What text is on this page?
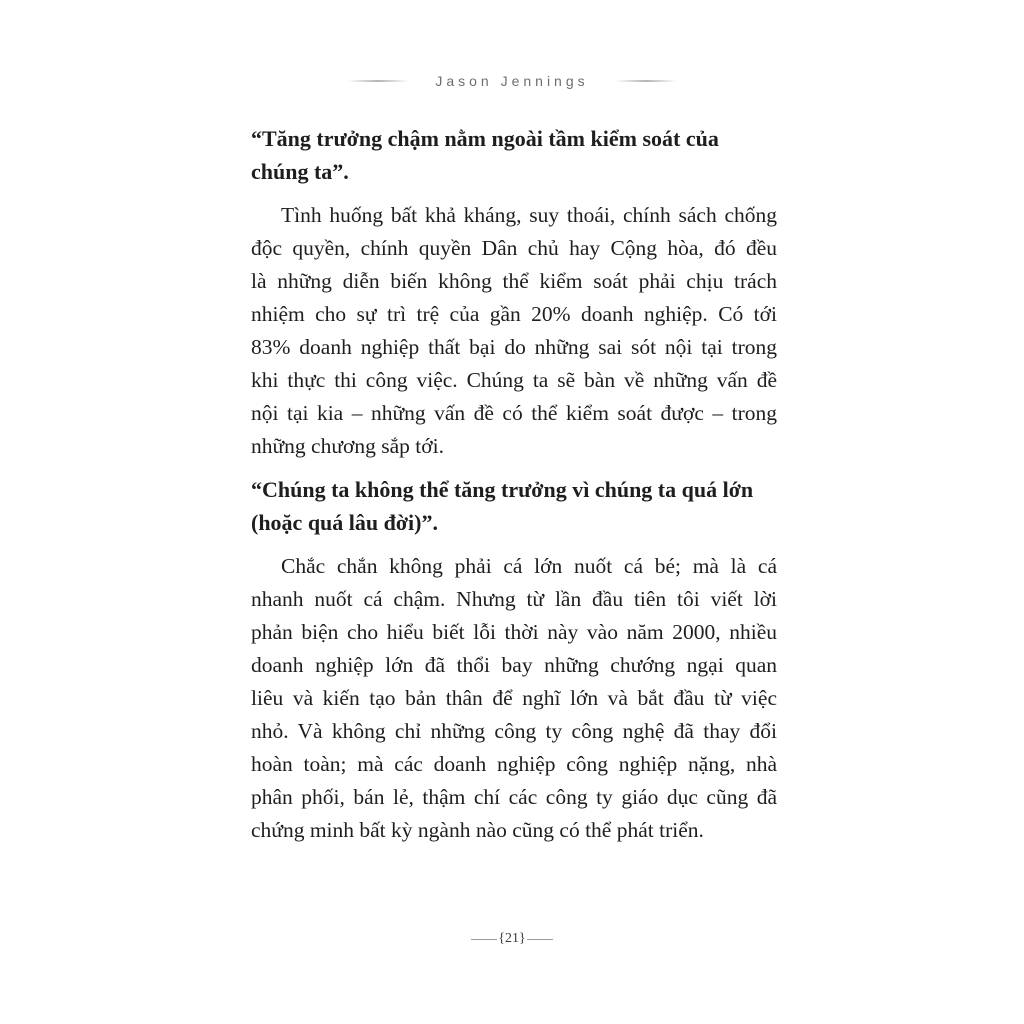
Jason Jennings
“Tăng trưởng chậm nằm ngoài tầm kiểm soát của
chúng ta”.
Tình huống bất khả kháng, suy thoái, chính sách chống
độc quyền, chính quyền Dân chủ hay Cộng hòa, đó đều
là những diễn biến không thể kiểm soát phải chịu trách
nhiệm cho sự trì trệ của gần 20% doanh nghiệp. Có tới
83% doanh nghiệp thất bại do những sai sót nội tại trong
khi thực thi công việc. Chúng ta sẽ bàn về những vấn đề
nội tại kia – những vấn đề có thể kiểm soát được – trong
những chương sắp tới.
“Chúng ta không thể tăng trưởng vì chúng ta quá lớn
(hoặc quá lâu đời)”.
Chắc chắn không phải cá lớn nuốt cá bé; mà là cá
nhanh nuốt cá chậm. Nhưng từ lần đầu tiên tôi viết lời
phản biện cho hiểu biết lỗi thời này vào năm 2000, nhiều
doanh nghiệp lớn đã thổi bay những chướng ngại quan
liêu và kiến tạo bản thân để nghĩ lớn và bắt đầu từ việc
nhỏ. Và không chỉ những công ty công nghệ đã thay đổi
hoàn toàn; mà các doanh nghiệp công nghiệp nặng, nhà
phân phối, bán lẻ, thậm chí các công ty giáo dục cũng đã
chứng minh bất kỳ ngành nào cũng có thể phát triển.
{21}
